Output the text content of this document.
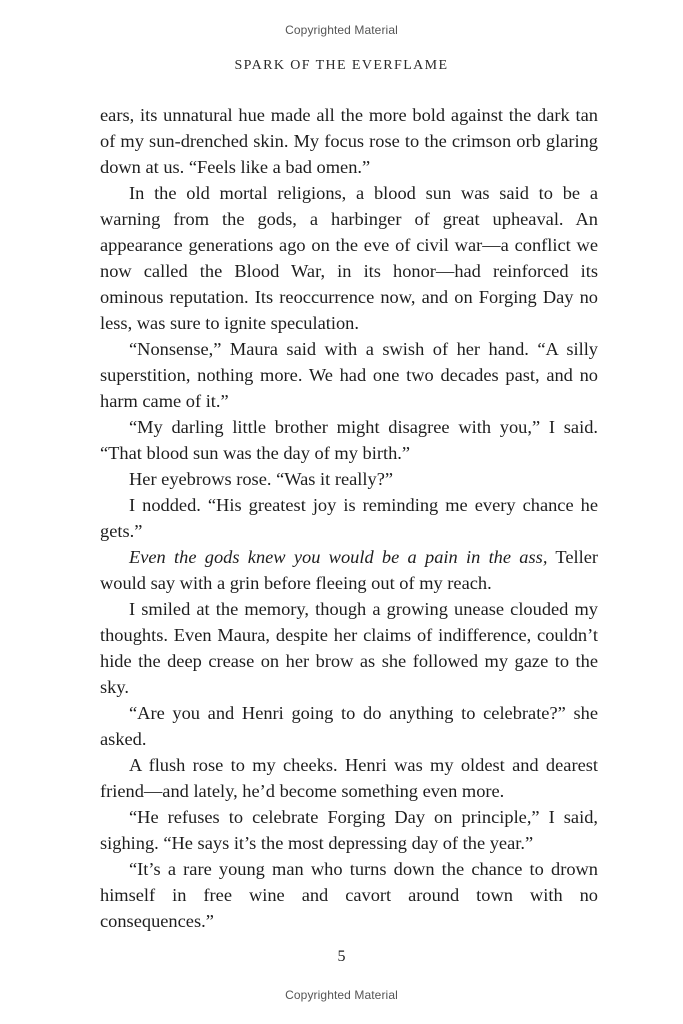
Copyrighted Material
SPARK OF THE EVERFLAME

ears, its unnatural hue made all the more bold against the dark tan of my sun-drenched skin. My focus rose to the crimson orb glaring down at us. “Feels like a bad omen.”

In the old mortal religions, a blood sun was said to be a warning from the gods, a harbinger of great upheaval. An appearance generations ago on the eve of civil war—a conflict we now called the Blood War, in its honor—had reinforced its ominous reputation. Its reoccurrence now, and on Forging Day no less, was sure to ignite speculation.

“Nonsense,” Maura said with a swish of her hand. “A silly superstition, nothing more. We had one two decades past, and no harm came of it.”

“My darling little brother might disagree with you,” I said. “That blood sun was the day of my birth.”

Her eyebrows rose. “Was it really?”

I nodded. “His greatest joy is reminding me every chance he gets.”

Even the gods knew you would be a pain in the ass, Teller would say with a grin before fleeing out of my reach.

I smiled at the memory, though a growing unease clouded my thoughts. Even Maura, despite her claims of indifference, couldn’t hide the deep crease on her brow as she followed my gaze to the sky.

“Are you and Henri going to do anything to celebrate?” she asked.

A flush rose to my cheeks. Henri was my oldest and dearest friend—and lately, he’d become something even more.

“He refuses to celebrate Forging Day on principle,” I said, sighing. “He says it’s the most depressing day of the year.”

“It’s a rare young man who turns down the chance to drown himself in free wine and cavort around town with no consequences.”

5
Copyrighted Material
